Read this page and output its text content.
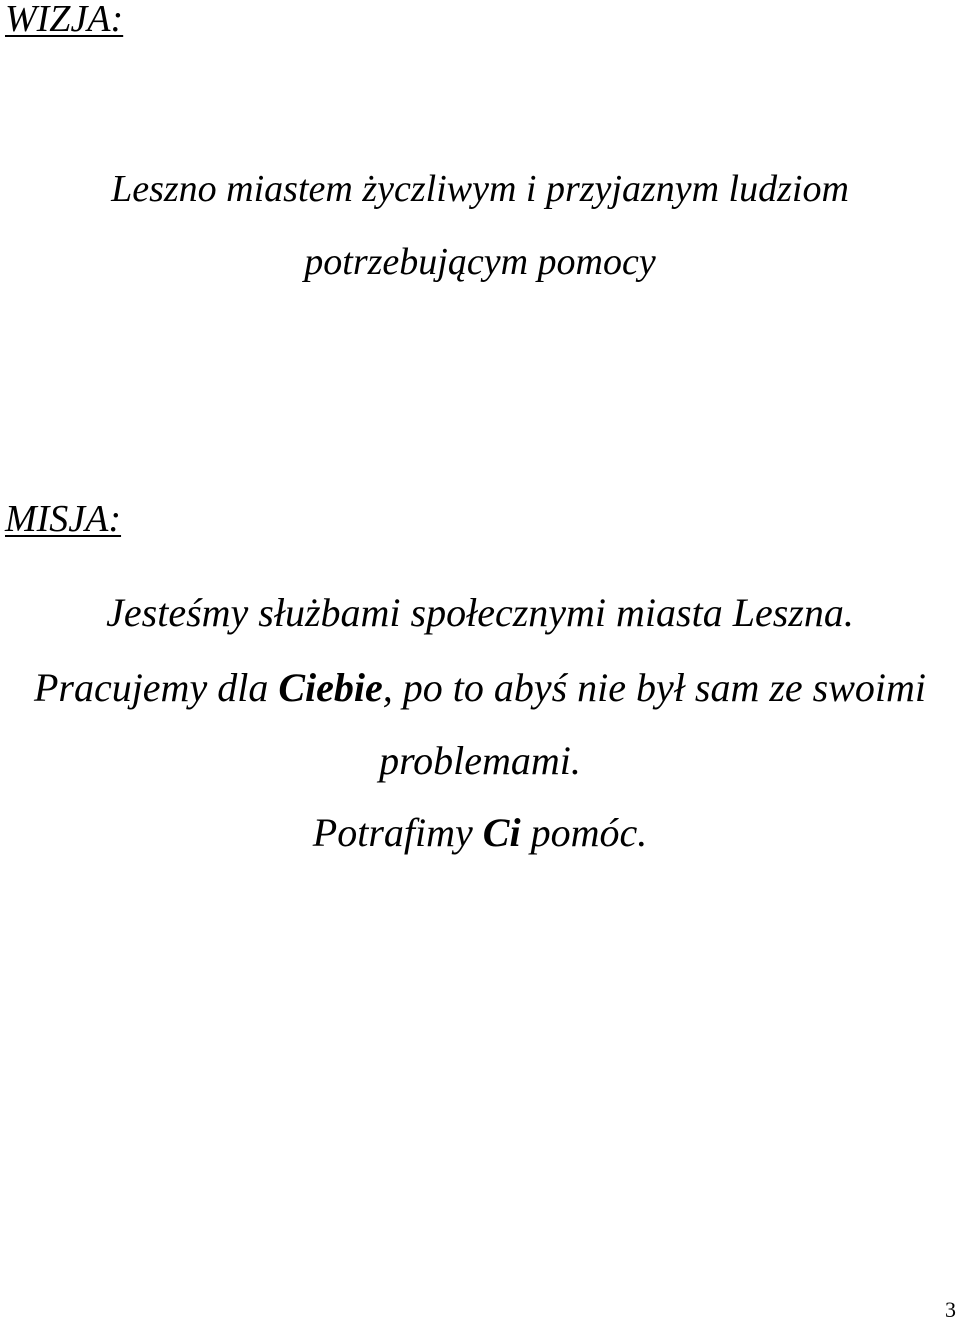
WIZJA:
Leszno miastem życzliwym i przyjaznym ludziom
potrzebującym pomocy
MISJA:
Jesteśmy służbami społecznymi miasta Leszna.
Pracujemy dla Ciebie, po to abyś nie był sam ze swoimi
problemami.
Potrafimy Ci pomóc.
3
